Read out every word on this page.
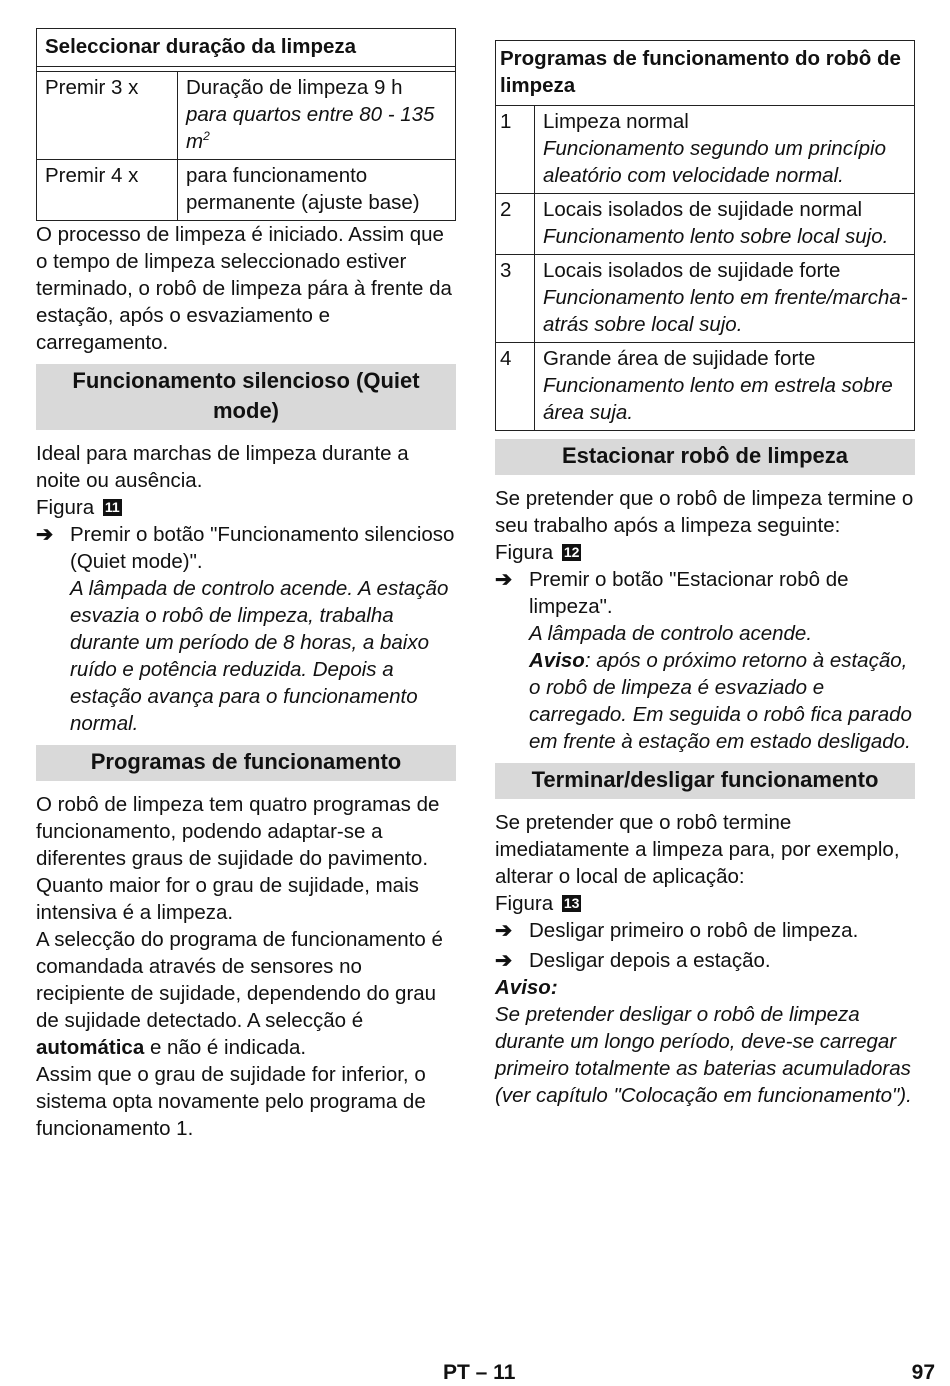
Seleccionar duração da limpeza	

Premir 3 x	Duração de limpeza 9 h
para quartos entre 80 - 135 $m^2$

Premir 4 x	para funcionamento permanente (ajuste base)

O processo de limpeza é iniciado. Assim que o tempo de limpeza seleccionado estiver terminado, o robô de limpeza pára à frente da estação, após o esvaziamento e carregamento.

Funcionamento silencioso (Quiet mode)

Ideal para marchas de limpeza durante a noite ou ausência.

Figura 11

➔ Premir o botão "Funcionamento silencioso (Quiet mode)".

A lâmpada de controlo acende. A estação esvazia o robô de limpeza, trabalha durante um período de 8 horas, a baixo ruído e potência reduzida. Depois a estação avança para o funcionamento normal.

Programas de funcionamento

O robô de limpeza tem quatro programas de funcionamento, podendo adaptar-se a diferentes graus de sujidade do pavimento. Quanto maior for o grau de sujidade, mais intensiva é a limpeza.

A selecção do programa de funcionamento é comandada através de sensores no recipiente de sujidade, dependendo do grau de sujidade detectado. A selecção é automática e não é indicada.

Assim que o grau de sujidade for inferior, o sistema opta novamente pelo programa de funcionamento 1.

Programas de funcionamento do robô de limpeza	
1	Limpeza normal
Funcionamento segundo um princípio aleatório com velocidade normal.

2	Locais isolados de sujidade normal
Funcionamento lento sobre local sujo.

3	Locais isolados de sujidade forte
Funcionamento lento em frente/marcha-atrás sobre local sujo.

4	Grande área de sujidade forte
Funcionamento lento em estrela sobre área suja.
Estacionar robô de limpeza

Se pretender que o robô de limpeza termine o seu trabalho após a limpeza seguinte:

Figura 12

➔ Premir o botão "Estacionar robô de limpeza".

A lâmpada de controlo acende.

Aviso: após o próximo retorno à estação, o robô de limpeza é esvaziado e carregado. Em seguida o robô fica parado em frente à estação em estado desligado.

Terminar/desligar funcionamento

Se pretender que o robô termine imediatamente a limpeza para, por exemplo, alterar o local de aplicação:

Figura 13

➔ Desligar primeiro o robô de limpeza.
➔ Desligar depois a estação.

Aviso:

Se pretender desligar o robô de limpeza durante um longo período, deve-se carregar primeiro totalmente as baterias acumuladoras (ver capítulo "Colocação em funcionamento").

PT – 11	97
